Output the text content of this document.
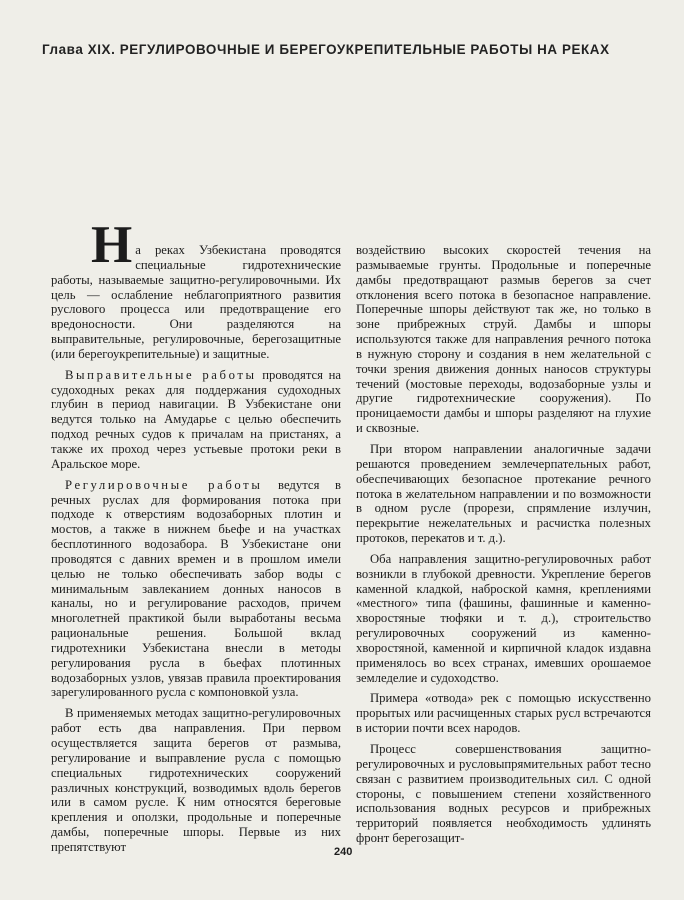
Глава XIX. РЕГУЛИРОВОЧНЫЕ И БЕРЕГОУКРЕПИТЕЛЬНЫЕ РАБОТЫ НА РЕКАХ

На реках Узбекистана проводятся специальные гидротехнические работы, называемые защитно-регулировочными. Их цель — ослабление неблагоприятного развития руслового процесса или предотвращение его вредоносности. Они разделяются на выправительные, регулировочные, берегозащитные (или берегоукрепительные) и защитные.

Выправительные работы проводятся на судоходных реках для поддержания судоходных глубин в период навигации. В Узбекистане они ведутся только на Амударье с целью обеспечить подход речных судов к причалам на пристанях, а также их проход через устьевые протоки реки в Аральское море.

Регулировочные работы ведутся в речных руслах для формирования потока при подходе к отверстиям водозаборных плотин и мостов, а также в нижнем бьефе и на участках бесплотинного водозабора. В Узбекистане они проводятся с давних времен и в прошлом имели целью не только обеспечивать забор воды с минимальным завлеканием донных наносов в каналы, но и регулирование расходов, причем многолетней практикой были выработаны весьма рациональные решения. Большой вклад гидротехники Узбекистана внесли в методы регулирования русла в бьефах плотинных водозаборных узлов, увязав правила проектирования зарегулированного русла с компоновкой узла.

В применяемых методах защитно-регулировочных работ есть два направления. При первом осуществляется защита берегов от размыва, регулирование и выправление русла с помощью специальных гидротехнических сооружений различных конструкций, возводимых вдоль берегов или в самом русле. К ним относятся береговые крепления и оползки, продольные и поперечные дамбы, поперечные шпоры. Первые из них препятствуют

воздействию высоких скоростей течения на размываемые грунты. Продольные и поперечные дамбы предотвращают размыв берегов за счет отклонения всего потока в безопасное направление. Поперечные шпоры действуют так же, но только в зоне прибрежных струй. Дамбы и шпоры используются также для направления речного потока в нужную сторону и создания в нем желательной с точки зрения движения донных наносов структуры течений (мостовые переходы, водозаборные узлы и другие гидротехнические сооружения). По проницаемости дамбы и шпоры разделяют на глухие и сквозные.

При втором направлении аналогичные задачи решаются проведением землечерпательных работ, обеспечивающих безопасное протекание речного потока в желательном направлении и по возможности в одном русле (прорези, спрямление излучин, перекрытие нежелательных и расчистка полезных протоков, перекатов и т. д.).

Оба направления защитно-регулировочных работ возникли в глубокой древности. Укрепление берегов каменной кладкой, наброской камня, креплениями «местного» типа (фашины, фашинные и каменно-хворостяные тюфяки и т. д.), строительство регулировочных сооружений из каменно-хворостяной, каменной и кирпичной кладок издавна применялось во всех странах, имевших орошаемое земледелие и судоходство.

Примера «отвода» рек с помощью искусственно прорытых или расчищенных старых русл встречаются в истории почти всех народов.

Процесс совершенствования защитно-регулировочных и русловыпрямительных работ тесно связан с развитием производительных сил. С одной стороны, с повышением степени хозяйственного использования водных ресурсов и прибрежных территорий появляется необходимость удлинять фронт берегозащит-

240
